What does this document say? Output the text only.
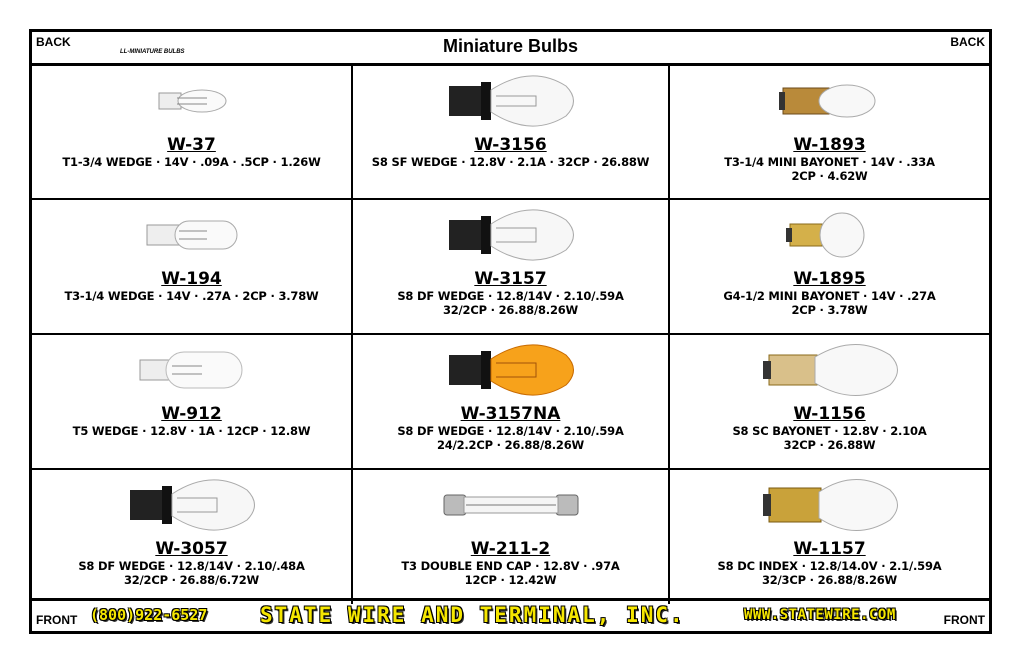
BACK
LL-MINIATURE BULBS	Miniature Bulbs	BACK
W-37
T1-3/4 WEDGE · 14V · .09A · .5CP · 1.26W
W-3156
S8 SF WEDGE · 12.8V · 2.1A · 32CP · 26.88W
W-1893
T3-1/4 MINI BAYONET · 14V · .33A
2CP · 4.62W
W-194
T3-1/4 WEDGE · 14V · .27A · 2CP · 3.78W
W-3157
S8 DF WEDGE · 12.8/14V · 2.10/.59A
32/2CP · 26.88/8.26W
W-1895
G4-1/2 MINI BAYONET · 14V · .27A
2CP · 3.78W
W-912
T5 WEDGE · 12.8V · 1A · 12CP · 12.8W
W-3157NA
S8 DF WEDGE · 12.8/14V · 2.10/.59A
24/2.2CP · 26.88/8.26W
W-1156
S8 SC BAYONET · 12.8V · 2.10A
32CP · 26.88W
W-3057
S8 DF WEDGE · 12.8/14V · 2.10/.48A
32/2CP · 26.88/6.72W
W-211-2
T3 DOUBLE END CAP · 12.8V · .97A
12CP · 12.42W
W-1157
S8 DC INDEX · 12.8/14.0V · 2.1/.59A
32/3CP · 26.88/8.26W
FRONT (800)922-6527	STATE WIRE AND TERMINAL, INC.	WWW.STATEWIRE.COM	FRONT
